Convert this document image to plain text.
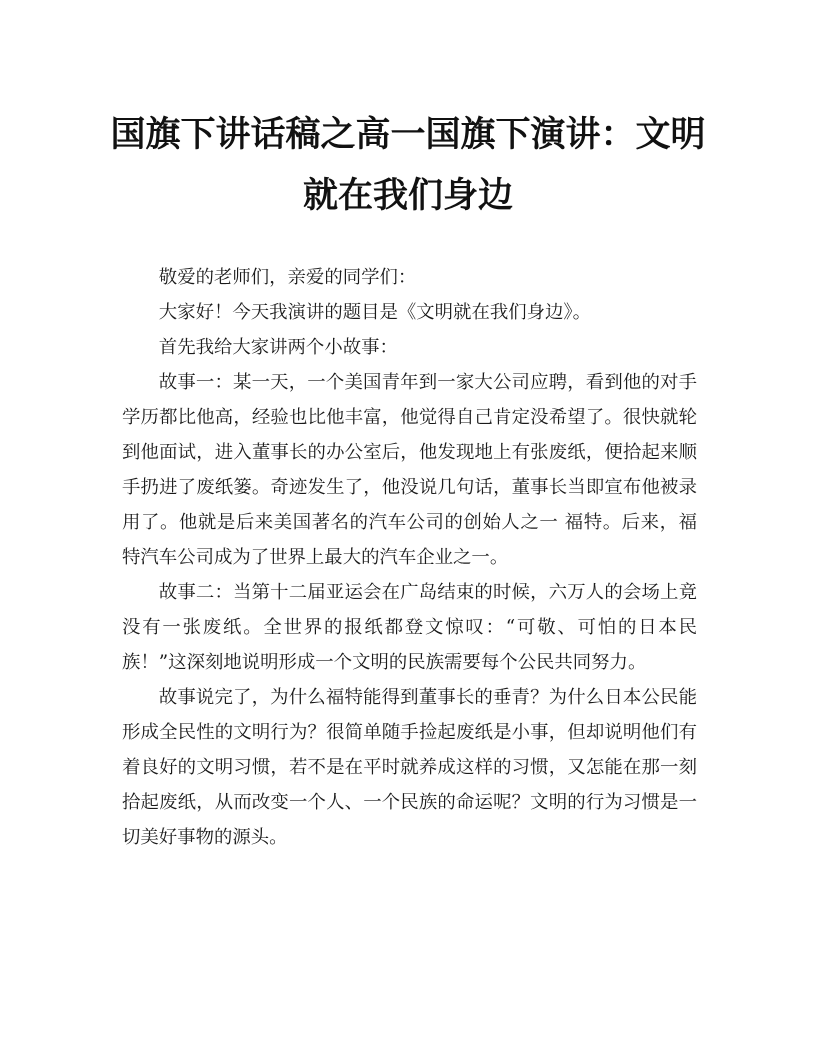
国旗下讲话稿之高一国旗下演讲：文明就在我们身边

敬爱的老师们，亲爱的同学们：

大家好！今天我演讲的题目是《文明就在我们身边》。

首先我给大家讲两个小故事：

故事一：某一天，一个美国青年到一家大公司应聘，看到他的对手学历都比他高，经验也比他丰富，他觉得自己肯定没希望了。很快就轮到他面试，进入董事长的办公室后，他发现地上有张废纸，便拾起来顺手扔进了废纸篓。奇迹发生了，他没说几句话，董事长当即宣布他被录用了。他就是后来美国著名的汽车公司的创始人之一 福特。后来，福特汽车公司成为了世界上最大的汽车企业之一。

故事二：当第十二届亚运会在广岛结束的时候，六万人的会场上竟没有一张废纸。全世界的报纸都登文惊叹：“可敬、可怕的日本民族！”这深刻地说明形成一个文明的民族需要每个公民共同努力。

故事说完了，为什么福特能得到董事长的垂青？为什么日本公民能形成全民性的文明行为？很简单随手捡起废纸是小事，但却说明他们有着良好的文明习惯，若不是在平时就养成这样的习惯，又怎能在那一刻拾起废纸，从而改变一个人、一个民族的命运呢？文明的行为习惯是一切美好事物的源头。
